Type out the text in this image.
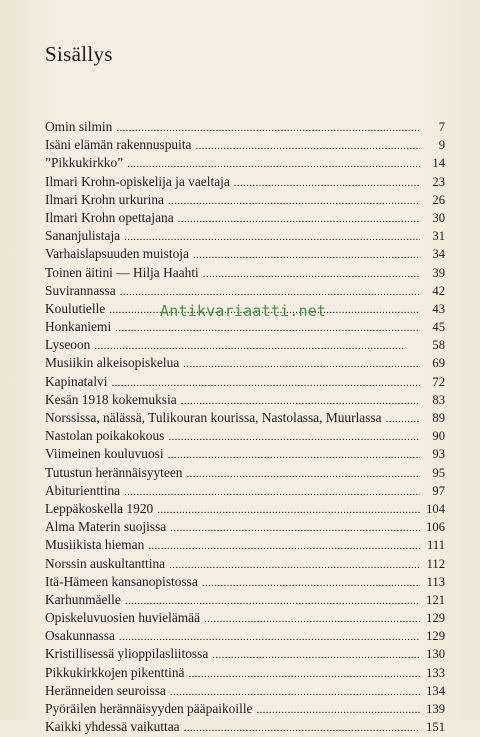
Sisällys
Omin silmin . . .	7
Isäni elämän rakennuspuita . . .	9
”Pikkukirkko” . . .	14
Ilmari Krohn-opiskelija ja vaeltaja . . .	23
Ilmari Krohn urkurina . . .	26
Ilmari Krohn opettajana . . .	30
Sananjulistaja . . .	31
Varhaislapsuuden muistoja . . .	34
Toinen äitini — Hilja Haahti . . .	39
Suvirannassa . . .	42
Koulutielle . . .	43
Honkaniemi . . .	45
Lyseoon . . .	58
Musiikin alkeisopiskelua . . .	69
Kapinatalvi . . .	72
Kesän 1918 kokemuksia . . .	83
Norssissa, nälässä, Tulikouran kourissa, Nastolassa, Muurlassa . . .	89
Nastolan poikakokous . . .	90
Viimeinen kouluvuosi . . .	93
Tutustun herännäisyyteen . . .	95
Abiturienttina . . .	97
Leppäkoskella 1920 . . .	104
Alma Materin suojissa . . .	106
Musiikista hieman . . .	111
Norssin auskultanttina . . .	112
Itä-Hämeen kansanopistossa . . .	113
Karhunmäelle . . .	121
Opiskeluvuosien huvielämää . . .	129
Osakunnassa . . .	129
Kristillisessä ylioppilasliitossa . . .	130
Pikkukirkkojen pikenttinä . . .	133
Heränneiden seuroissa . . .	134
Pyöräilen herännäisyyden pääpaikoille . . .	139
Kaikki yhdessä vaikuttaa . . .	151
Antikvariaatti.net
